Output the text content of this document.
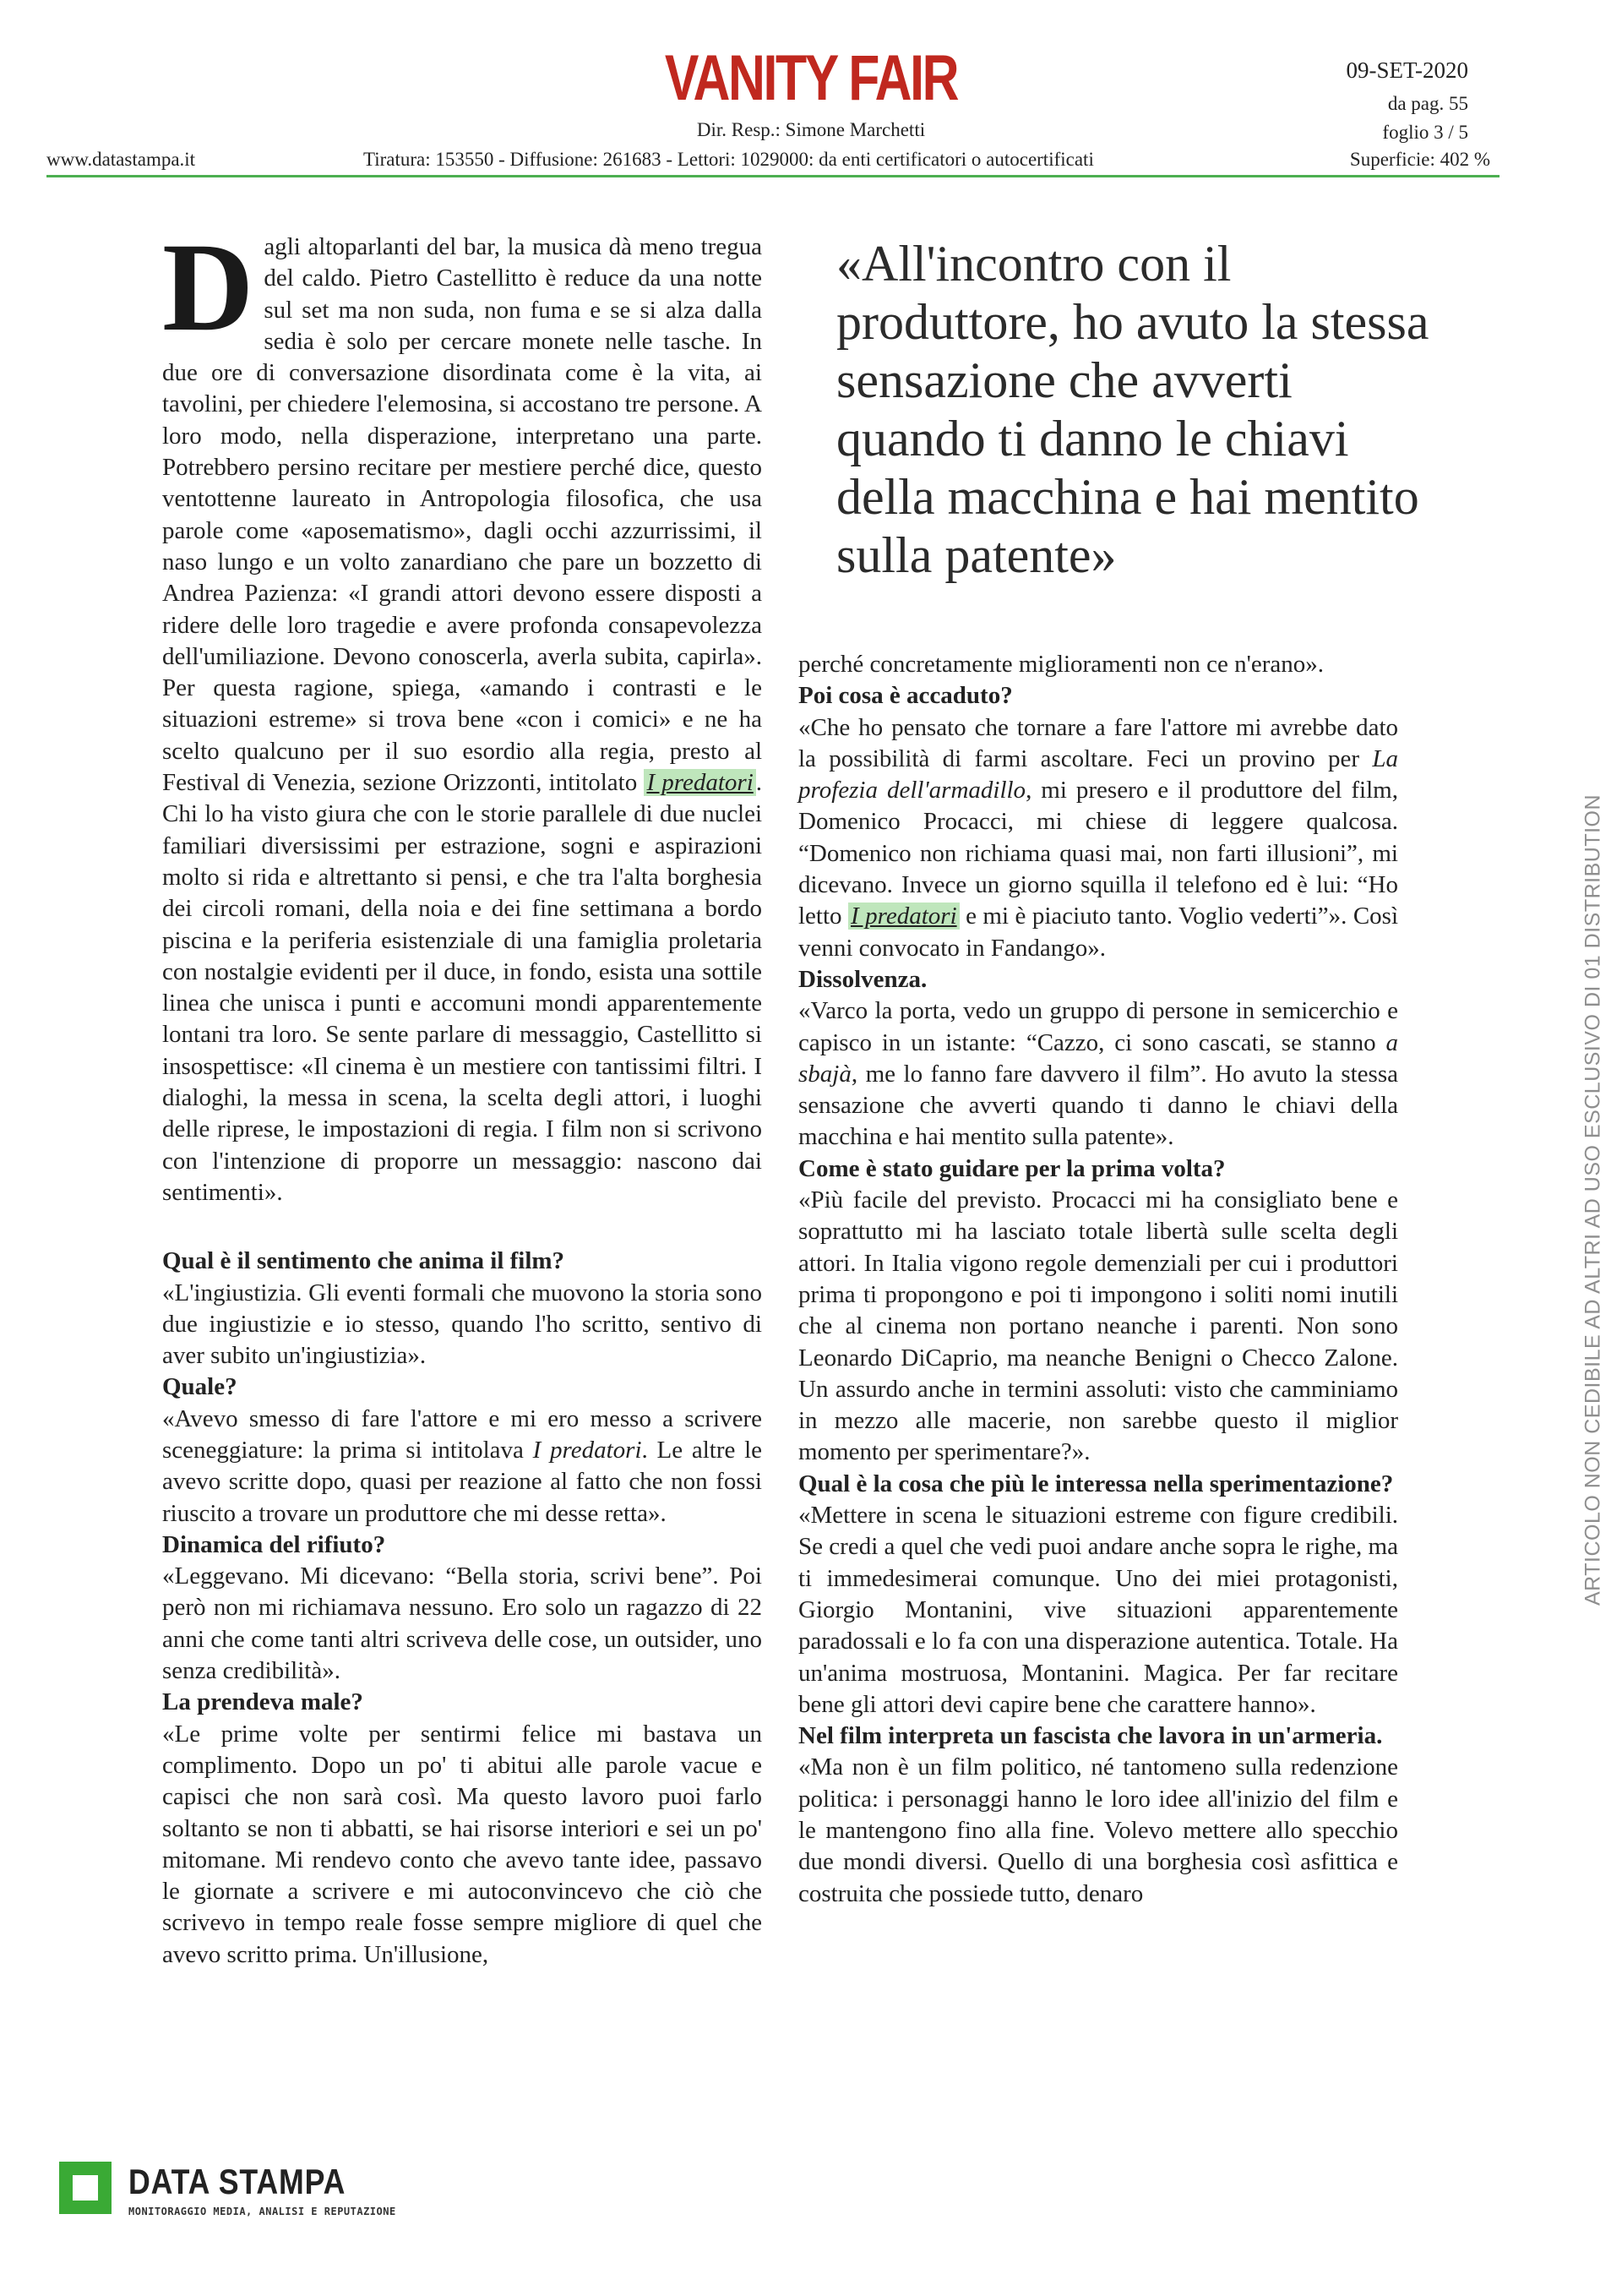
VANITY FAIR
Dir. Resp.: Simone Marchetti
www.datastampa.it	Tiratura: 153550 - Diffusione: 261683 - Lettori: 1029000: da enti certificatori o autocertificati
09-SET-2020
da pag. 55
foglio 3 / 5
Superficie: 402 %

Dagli altoparlanti del bar, la musica dà meno tregua del caldo. Pietro Castellitto è reduce da una notte sul set ma non suda, non fuma e se si alza dalla sedia è solo per cercare monete nelle tasche. In due ore di conversazione disordinata come è la vita, ai tavolini, per chiedere l'elemosina, si accostano tre persone. A loro modo, nella disperazione, interpretano una parte. Potrebbero persino recitare per mestiere perché dice, questo ventottenne laureato in Antropologia filosofica, che usa parole come «aposematismo», dagli occhi azzurrissimi, il naso lungo e un volto zanardiano che pare un bozzetto di Andrea Pazienza: «I grandi attori devono essere disposti a ridere delle loro tragedie e avere profonda consapevolezza dell'umiliazione. Devono conoscerla, averla subita, capirla». Per questa ragione, spiega, «amando i contrasti e le situazioni estreme» si trova bene «con i comici» e ne ha scelto qualcuno per il suo esordio alla regia, presto al Festival di Venezia, sezione Orizzonti, intitolato I predatori . Chi lo ha visto giura che con le storie parallele di due nuclei familiari diversissimi per estrazione, sogni e aspirazioni molto si rida e altrettanto si pensi, e che tra l'alta borghesia dei circoli romani, della noia e dei fine settimana a bordo piscina e la periferia esistenziale di una famiglia proletaria con nostalgie evidenti per il duce, in fondo, esista una sottile linea che unisca i punti e accomuni mondi apparentemente lontani tra loro. Se sente parlare di messaggio, Castellitto si insospettisce: «Il cinema è un mestiere con tantissimi filtri. I dialoghi, la messa in scena, la scelta degli attori, i luoghi delle riprese, le impostazioni di regia. I film non si scrivono con l'intenzione di proporre un messaggio: nascono dai sentimenti».

Qual è il sentimento che anima il film?

«L'ingiustizia. Gli eventi formali che muovono la storia sono due ingiustizie e io stesso, quando l'ho scritto, sentivo di aver subito un'ingiustizia».

Quale?

«Avevo smesso di fare l'attore e mi ero messo a scrivere sceneggiature: la prima si intitolava I predatori. Le altre le avevo scritte dopo, quasi per reazione al fatto che non fossi riuscito a trovare un produttore che mi desse retta».

Dinamica del rifiuto?

«Leggevano. Mi dicevano: “Bella storia, scrivi bene”. Poi però non mi richiamava nessuno. Ero solo un ragazzo di 22 anni che come tanti altri scriveva delle cose, un outsider, uno senza credibilità».

La prendeva male?

«Le prime volte per sentirmi felice mi bastava un complimento. Dopo un po' ti abitui alle parole vacue e capisci che non sarà così. Ma questo lavoro puoi farlo soltanto se non ti abbatti, se hai risorse interiori e sei un po' mitomane. Mi rendevo conto che avevo tante idee, passavo le giornate a scrivere e mi autoconvincevo che ciò che scrivevo in tempo reale fosse sempre migliore di quel che avevo scritto prima. Un'illusione,

«All'incontro con il produttore, ho avuto la stessa sensazione che avverti quando ti danno le chiavi della macchina e hai mentito sulla patente»

perché concretamente miglioramenti non ce n'erano».

Poi cosa è accaduto?

«Che ho pensato che tornare a fare l'attore mi avrebbe dato la possibilità di farmi ascoltare. Feci un provino per La profezia dell'armadillo, mi presero e il produttore del film, Domenico Procacci, mi chiese di leggere qualcosa. “Domenico non richiama quasi mai, non farti illusioni”, mi dicevano. Invece un giorno squilla il telefono ed è lui: “Ho letto I predatori e mi è piaciuto tanto. Voglio vederti”». Così venni convocato in Fandango».

Dissolvenza.

«Varco la porta, vedo un gruppo di persone in semicerchio e capisco in un istante: “Cazzo, ci sono cascati, se stanno a sbajà, me lo fanno fare davvero il film”. Ho avuto la stessa sensazione che avverti quando ti danno le chiavi della macchina e hai mentito sulla patente».

Come è stato guidare per la prima volta?

«Più facile del previsto. Procacci mi ha consigliato bene e soprattutto mi ha lasciato totale libertà sulle scelta degli attori. In Italia vigono regole demenziali per cui i produttori prima ti propongono e poi ti impongono i soliti nomi inutili che al cinema non portano neanche i parenti. Non sono Leonardo DiCaprio, ma neanche Benigni o Checco Zalone. Un assurdo anche in termini assoluti: visto che camminiamo in mezzo alle macerie, non sarebbe questo il miglior momento per sperimentare?».

Qual è la cosa che più le interessa nella sperimentazione?

«Mettere in scena le situazioni estreme con figure credibili. Se credi a quel che vedi puoi andare anche sopra le righe, ma ti immedesimerai comunque. Uno dei miei protagonisti, Giorgio Montanini, vive situazioni apparentemente paradossali e lo fa con una disperazione autentica. Totale. Ha un'anima mostruosa, Montanini. Magica. Per far recitare bene gli attori devi capire bene che carattere hanno».

Nel film interpreta un fascista che lavora in un'armeria.

«Ma non è un film politico, né tantomeno sulla redenzione politica: i personaggi hanno le loro idee all'inizio del film e le mantengono fino alla fine. Volevo mettere allo specchio due mondi diversi. Quello di una borghesia così asfittica e costruita che possiede tutto, denaro

ARTICOLO NON CEDIBILE AD ALTRI AD USO ESCLUSIVO DI 01 DISTRIBUTION
DATA STAMPA
MONITORAGGIO MEDIA, ANALISI E REPUTAZIONE
